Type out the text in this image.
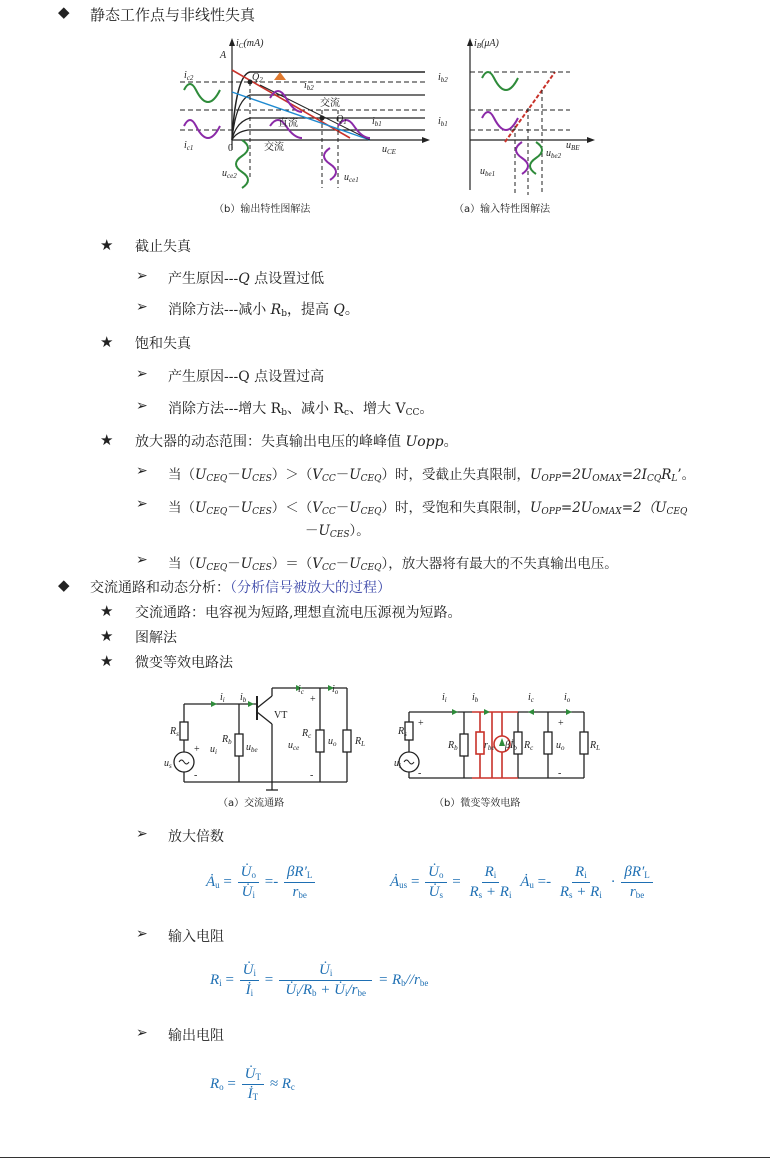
◆ 静态工作点与非线性失真
$i_C(mA)$
A
$Q_2$
$Q_1$
$i_{b2}$
$i_{b1}$
交流
直流
交流
0	$u_{CE}$
$i_{c2}$
$i_{c1}$
$u_{ce2}$	$u_{ce1}$
$i_B(\mu A)$
$u_{BE}$
$i_{b2}$
$i_{b1}$
$u_{be1}$
$u_{be2}$
（b）输出特性图解法	（a）输入特性图解法
★ 截止失真
➢ 产生原因---Q 点设置过低
➢ 消除方法---减小 $R_b$，提高 Q。
★ 饱和失真
➢ 产生原因---Q 点设置过高
➢ 消除方法---增大 $R_b$、减小 $R_c$、增大 $V_{CC}$。
★ 放大器的动态范围：失真输出电压的峰峰值 Uopp。
➢ 当$(U_{CEQ}-U_{CES})>(V_{CC}-U_{CEQ})$时，受截止失真限制，$U_{OPP}=2U_{OMAX}=2I_{CQ}R_L$’。
➢ 当$(U_{CEQ}-U_{CES})<(V_{CC}-U_{CEQ})$时，受饱和失真限制，$U_{OPP}=2U_{OMAX}=2(U_{CEQ}$
$-U_{CES}$）。
➢ 当$(U_{CEQ}-U_{CES})=(V_{CC}-U_{CEQ})$，放大器将有最大的不失真输出电压。
◆ 交流通路和动态分析：（分析信号被放大的过程）
★ 交流通路：电容视为短路,理想直流电压源视为短路。
★ 图解法
★ 微变等效电路法
$R_s$
$u_s$
$i_i$ $i_b$
$u_i$
$R_b$ $u_{be}$
VT
$i_c$	$i_o$
$R_c$
$u_{ce}$
$u_o$ $R_L$
+
-
+
-
$R_s$
$u_i$
$R_b$	$r_{be}$ $\beta İ_b$ $R_c$ $u_o$	$R_L$
$i_i$	$i_b$	$i_c$	$i_o$
+
-
+
-
（a）交流通路	（b）微变等效电路
➢ 放大倍数
$Ȧ_u = \frac{U̇_o}{U̇_i} =- \frac{\beta R'_L}{r_{be}}$	$Ȧ_{us} = \frac{U̇_o}{U̇_s} = \frac{R_i}{R_s + R_i}$ $Ȧ_u =- \frac{R_i}{R_s + R_i} \cdot \frac{\beta R'_L}{r_{be}}$
➢ 输入电阻
$R_i = \frac{U̇_i}{İ_i} = \frac{U̇_i}{U̇_i/R_b + U̇_i/r_{be}} = R_b//r_{be}$
➢ 输出电阻
$R_o = \frac{U̇_T}{İ_T} \approx R_c$
